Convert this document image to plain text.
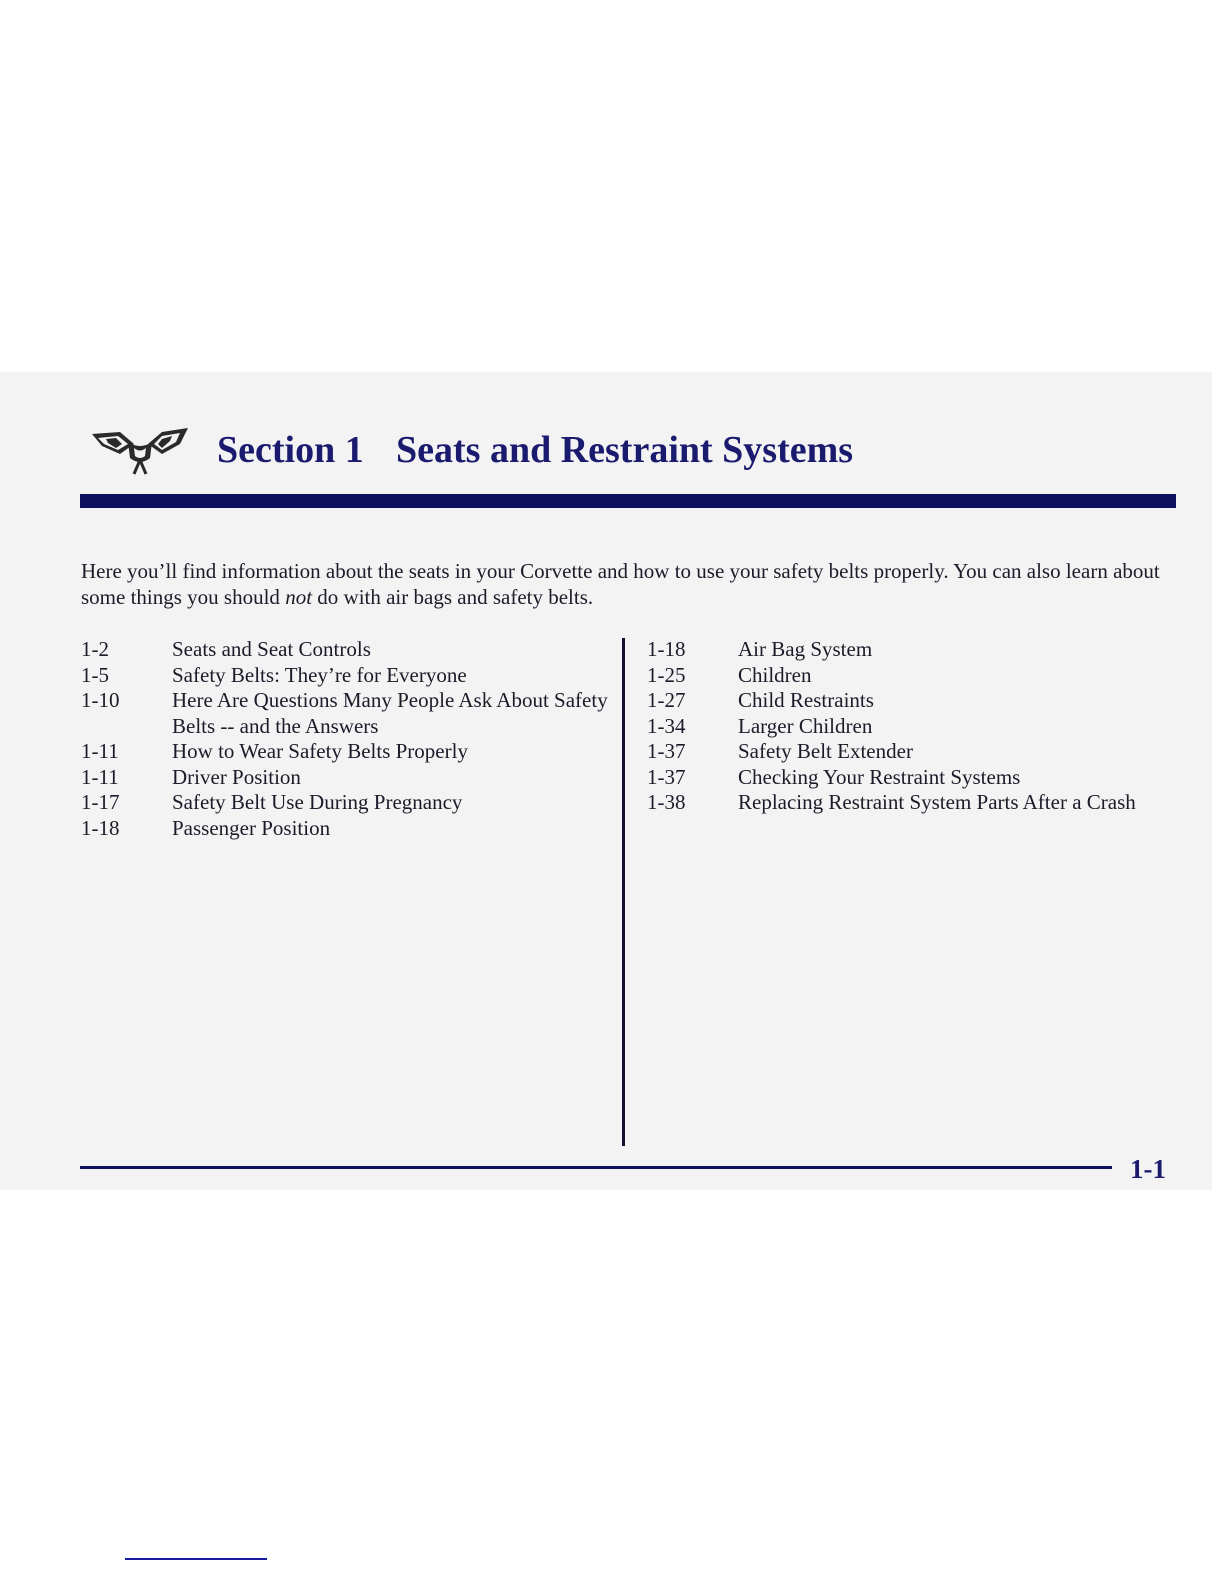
Section 1 Seats and Restraint Systems

Here you’ll find information about the seats in your Corvette and how to use your safety belts properly. You can also learn about some things you should not do with air bags and safety belts.

1-2	Seats and Seat Controls
1-5	Safety Belts: They’re for Everyone
1-10	Here Are Questions Many People Ask About Safety Belts -- and the Answers
1-11	How to Wear Safety Belts Properly
1-11	Driver Position
1-17	Safety Belt Use During Pregnancy
1-18	Passenger Position
1-18	Air Bag System
1-25	Children
1-27	Child Restraints
1-34	Larger Children
1-37	Safety Belt Extender
1-37	Checking Your Restraint Systems
1-38	Replacing Restraint System Parts After a Crash
1-1
